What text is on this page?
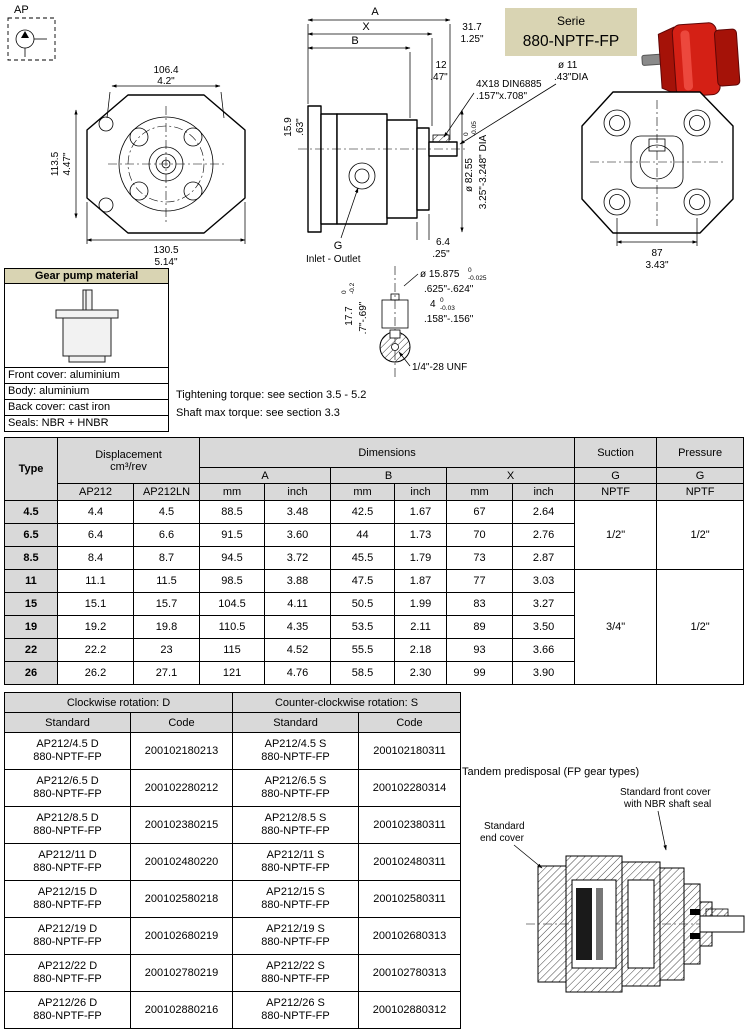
AP
Serie
880-NPTF-FP
106.4
4.2"
113.5 4.47"
130.5
5.14"
A
X
B
31.7
1.25"
12
.47"
4X18 DIN6885
.157"x.708"
ø 11
.43"DIA
15.9 .63"
ø 82.55
0 -0.05
3.25"-3.248" DIA
6.4
.25"
G
Inlet - Outlet
87
3.43"
ø 15.875 0
-0.025
.625"-.624"
4 0
-0.03
.158"-.156"
17.7
0 -0.2
.7"-.69"
1/4"-28 UNF
Gear pump material
Front cover: aluminium
Body: aluminium
Back cover: cast iron
Seals: NBR + HNBR
Tightening torque: see section 3.5 - 5.2
Shaft max torque: see section 3.3
Type	Displacement
cm³/rev		Dimensions						Suction	Pressure
			A		B		X		G	G
	AP212	AP212LN	mm	inch	mm	inch	mm	inch	NPTF	NPTF
4.5	4.4	4.5	88.5	3.48	42.5	1.67	67	2.64	1/2"	1/2"
6.5	6.4	6.6	91.5	3.60	44	1.73	70	2.76		
8.5	8.4	8.7	94.5	3.72	45.5	1.79	73	2.87		
11	11.1	11.5	98.5	3.88	47.5	1.87	77	3.03	3/4"	1/2"
15	15.1	15.7	104.5	4.11	50.5	1.99	83	3.27		
19	19.2	19.8	110.5	4.35	53.5	2.11	89	3.50		
22	22.2	23	115	4.52	55.5	2.18	93	3.66		
26	26.2	27.1	121	4.76	58.5	2.30	99	3.90		
Clockwise rotation: D		Counter-clockwise rotation: S	
Standard	Code	Standard	Code

AP212/4.5 D
880-NPTF-FP	200102180213	
AP212/4.5 S
880-NPTF-FP	200102180311

AP212/6.5 D
880-NPTF-FP	200102280212	
AP212/6.5 S
880-NPTF-FP	200102280314

AP212/8.5 D
880-NPTF-FP	200102380215	
AP212/8.5 S
880-NPTF-FP	200102380311

AP212/11 D
880-NPTF-FP	200102480220	
AP212/11 S
880-NPTF-FP	200102480311

AP212/15 D
880-NPTF-FP	200102580218	
AP212/15 S
880-NPTF-FP	200102580311

AP212/19 D
880-NPTF-FP	200102680219	
AP212/19 S
880-NPTF-FP	200102680313

AP212/22 D
880-NPTF-FP	200102780219	
AP212/22 S
880-NPTF-FP	200102780313

AP212/26 D
880-NPTF-FP	200102880216	
AP212/26 S
880-NPTF-FP	200102880312
Tandem predisposal (FP gear types)
Standard front cover
with NBR shaft seal
Standard
end cover
